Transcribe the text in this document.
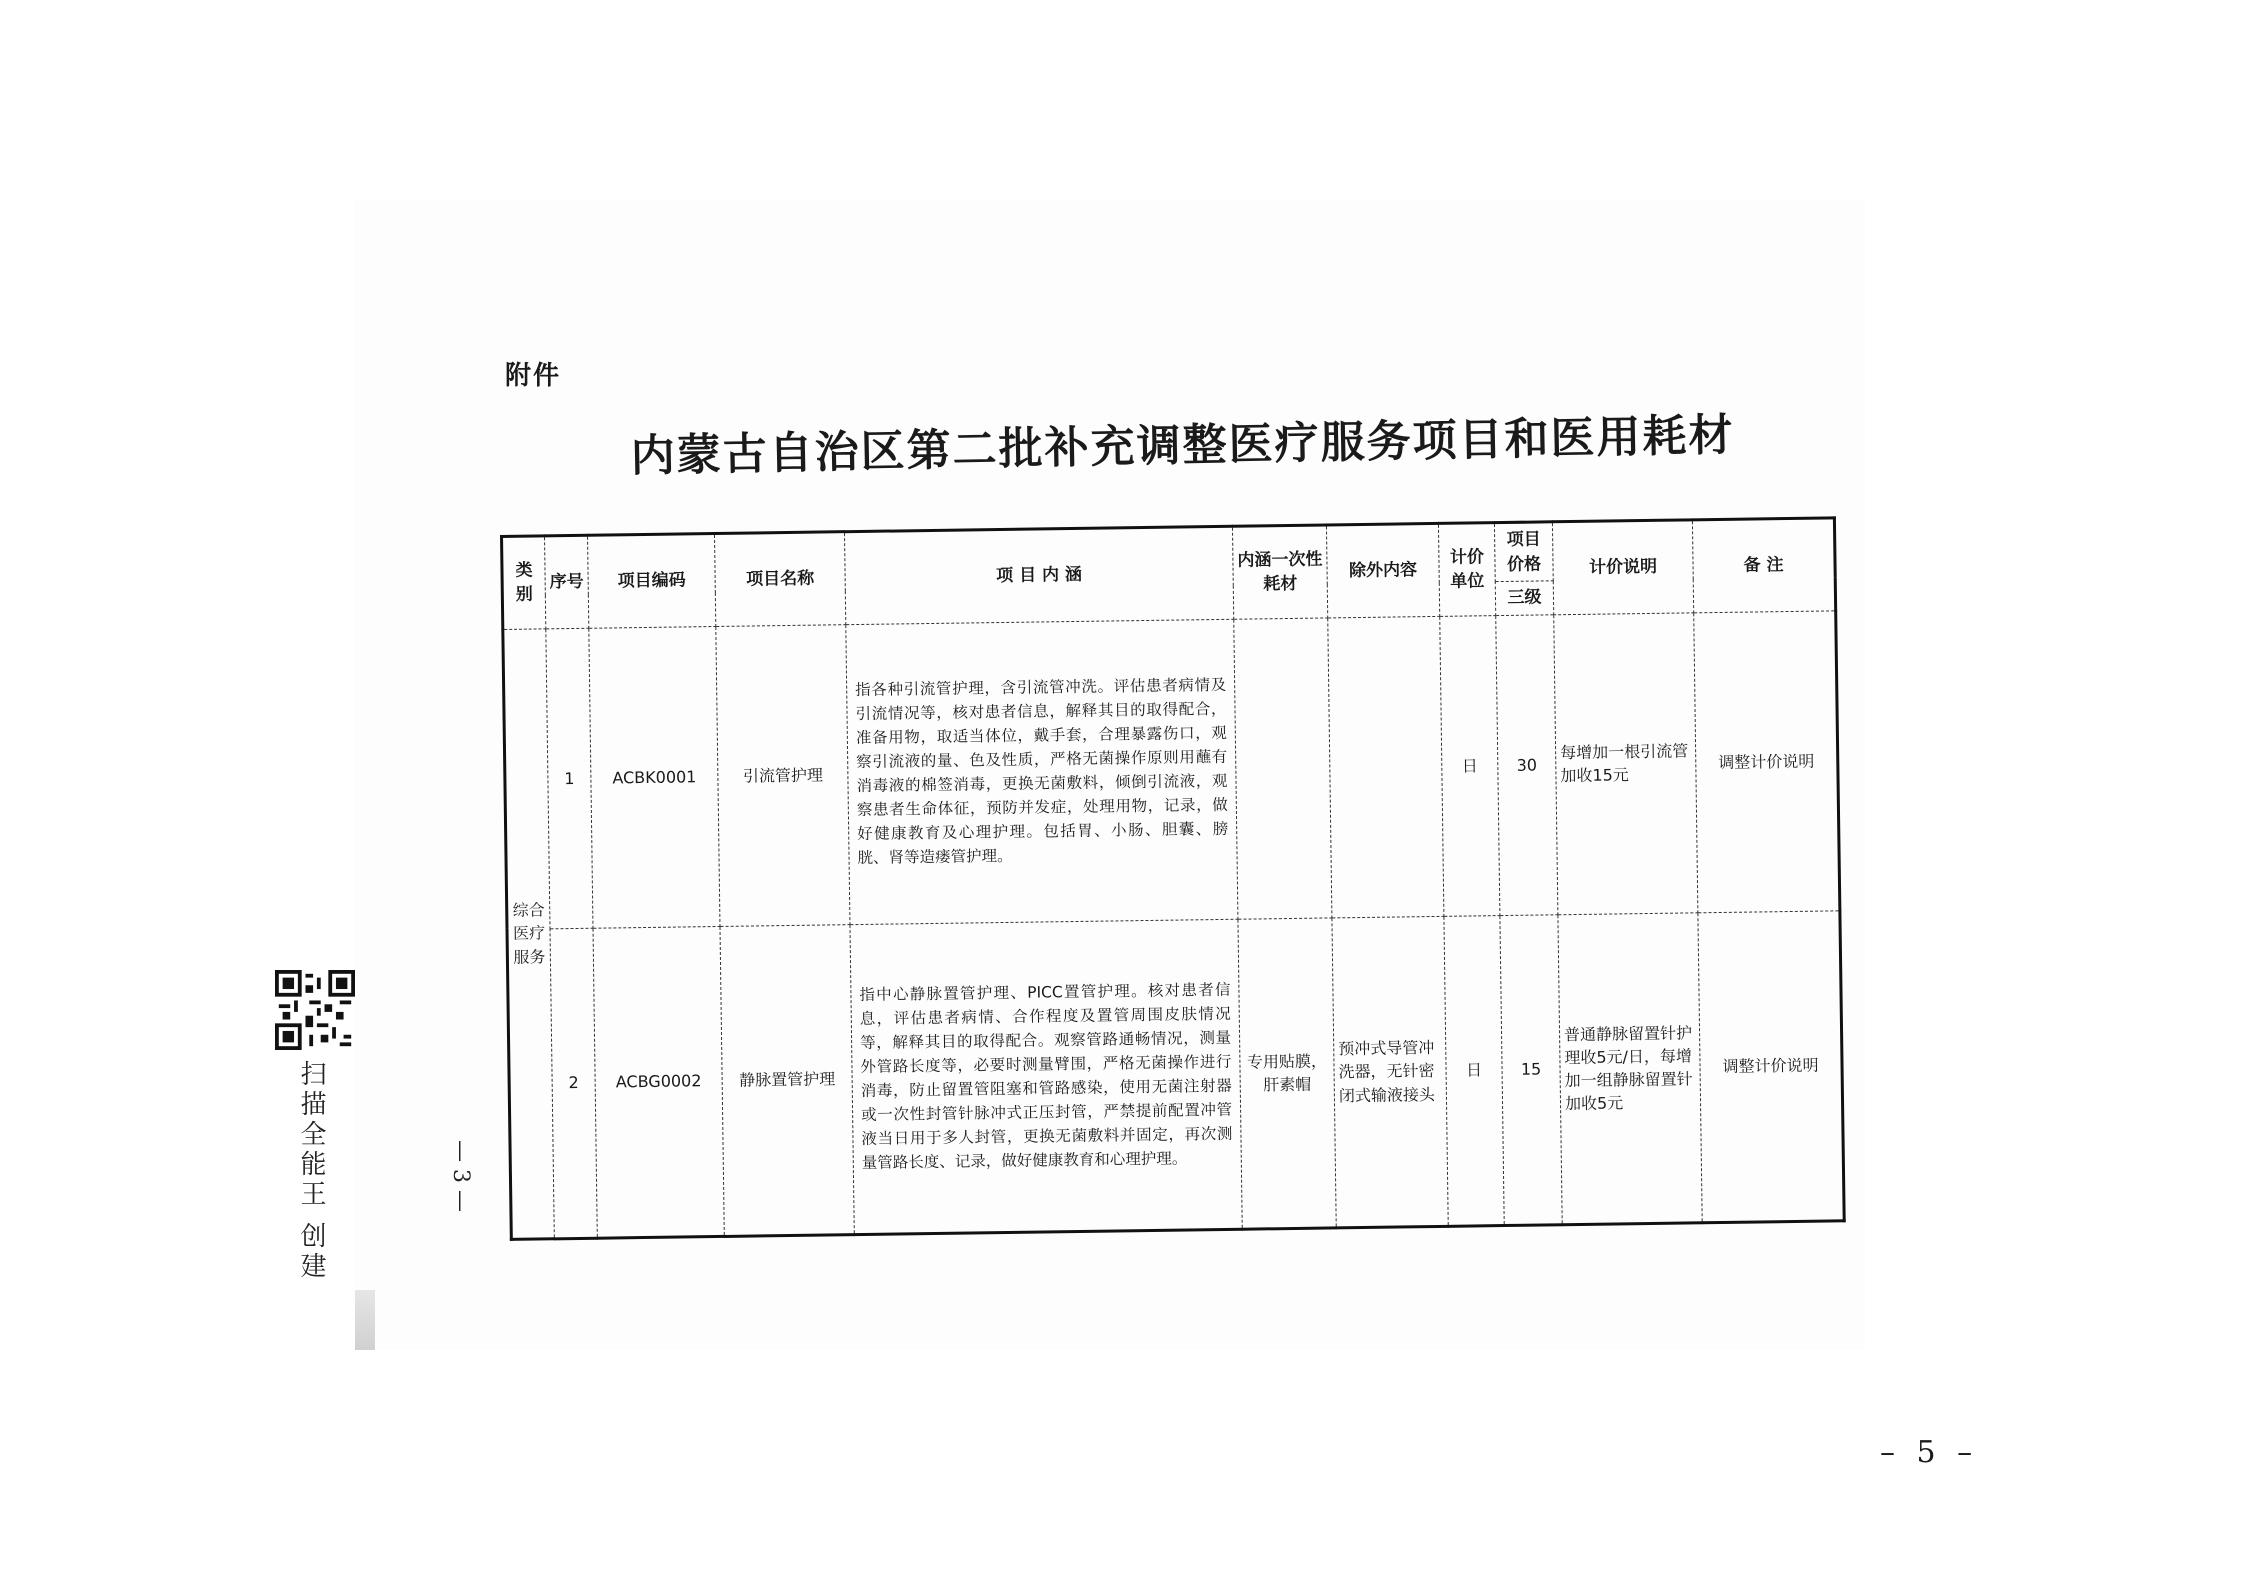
附件
内蒙古自治区第二批补充调整医疗服务项目和医用耗材
类别	序号	项目编码	项目名称	项 目 内 涵	内涵一次性耗材	除外内容	计价单位	项目价格	计价说明	备 注
								三级		
综合医疗服务	1	ACBK0001	引流管护理	指各种引流管护理，含引流管冲洗。评估患者病情及引流情况等，核对患者信息，解释其目的取得配合，准备用物，取适当体位，戴手套，合理暴露伤口，观察引流液的量、色及性质，严格无菌操作原则用蘸有消毒液的棉签消毒，更换无菌敷料，倾倒引流液，观察患者生命体征，预防并发症，处理用物，记录，做好健康教育及心理护理。包括胃、小肠、胆囊、膀胱、肾等造瘘管护理。			日	30	每增加一根引流管加收15元	调整计价说明
	2	ACBG0002	静脉置管护理	指中心静脉置管护理、PICC置管护理。核对患者信息，评估患者病情、合作程度及置管周围皮肤情况等，解释其目的取得配合。观察管路通畅情况，测量外管路长度等，必要时测量臂围，严格无菌操作进行消毒，防止留置管阻塞和管路感染，使用无菌注射器或一次性封管针脉冲式正压封管，严禁提前配置冲管液当日用于多人封管，更换无菌敷料并固定，再次测量管路长度、记录，做好健康教育和心理护理。	专用贴膜，肝素帽	预冲式导管冲洗器，无针密闭式输液接头	日	15	普通静脉留置针护理收5元/日，每增加一组静脉留置针加收5元	调整计价说明
扫描全能王 创建	— 3 —
– 5 –
